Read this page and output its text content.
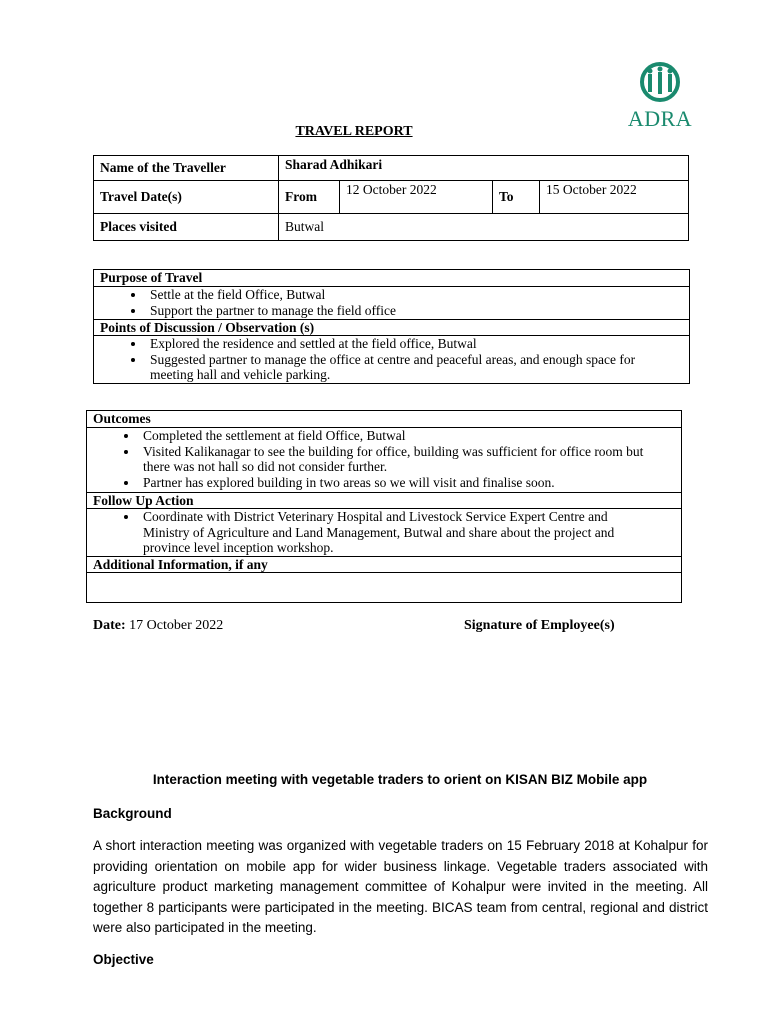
ADRA
TRAVEL REPORT
Name of the Traveller	Sharad Adhikari			
Travel Date(s)	From	12 October 2022	To	15 October 2022
Places visited	Butwal			
Purpose of Travel
• Settle at the field Office, Butwal
• Support the partner to manage the field office
Points of Discussion / Observation (s)
• Explored the residence and settled at the field office, Butwal
• Suggested partner to manage the office at centre and peaceful areas, and enough space for meeting hall and vehicle parking.
Outcomes
• Completed the settlement at field Office, Butwal
• Visited Kalikanagar to see the building for office, building was sufficient for office room but there was not hall so did not consider further.
• Partner has explored building in two areas so we will visit and finalise soon.
Follow Up Action
• Coordinate with District Veterinary Hospital and Livestock Service Expert Centre and Ministry of Agriculture and Land Management, Butwal and share about the project and province level inception workshop.
Additional Information, if any
Date: 17 October 2022	Signature of Employee(s)
Interaction meeting with vegetable traders to orient on KISAN BIZ Mobile app
Background
A short interaction meeting was organized with vegetable traders on 15 February 2018 at Kohalpur for providing orientation on mobile app for wider business linkage. Vegetable traders associated with agriculture product marketing management committee of Kohalpur were invited in the meeting. All together 8 participants were participated in the meeting. BICAS team from central, regional and district were also participated in the meeting.
Objective
